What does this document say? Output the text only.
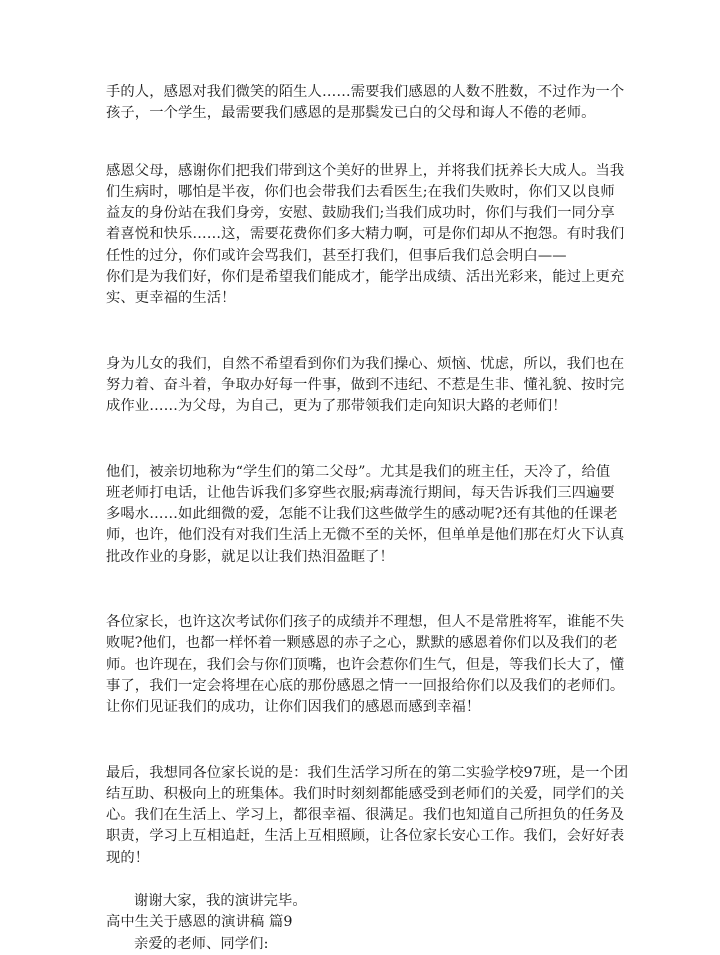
手的人，感恩对我们微笑的陌生人……需要我们感恩的人数不胜数，不过作为一个
孩子，一个学生，最需要我们感恩的是那鬓发已白的父母和诲人不倦的老师。

感恩父母，感谢你们把我们带到这个美好的世界上，并将我们抚养长大成人。当我
们生病时，哪怕是半夜，你们也会带我们去看医生;在我们失败时，你们又以良师
益友的身份站在我们身旁，安慰、鼓励我们;当我们成功时，你们与我们一同分享
着喜悦和快乐……这，需要花费你们多大精力啊，可是你们却从不抱怨。有时我们
任性的过分，你们或许会骂我们，甚至打我们，但事后我们总会明白——
你们是为我们好，你们是希望我们能成才，能学出成绩、活出光彩来，能过上更充
实、更幸福的生活！

身为儿女的我们，自然不希望看到你们为我们操心、烦恼、忧虑，所以，我们也在
努力着、奋斗着，争取办好每一件事，做到不违纪、不惹是生非、懂礼貌、按时完
成作业……为父母，为自己，更为了那带领我们走向知识大路的老师们！

他们，被亲切地称为“学生们的第二父母”。尤其是我们的班主任，天冷了，给值
班老师打电话，让他告诉我们多穿些衣服;病毒流行期间，每天告诉我们三四遍要
多喝水……如此细微的爱，怎能不让我们这些做学生的感动呢?还有其他的任课老
师，也许，他们没有对我们生活上无微不至的关怀，但单单是他们那在灯火下认真
批改作业的身影，就足以让我们热泪盈眶了！

各位家长，也许这次考试你们孩子的成绩并不理想，但人不是常胜将军，谁能不失
败呢?他们，也都一样怀着一颗感恩的赤子之心，默默的感恩着你们以及我们的老
师。也许现在，我们会与你们顶嘴，也许会惹你们生气，但是，等我们长大了，懂
事了，我们一定会将埋在心底的那份感恩之情一一回报给你们以及我们的老师们。
让你们见证我们的成功，让你们因我们的感恩而感到幸福！

最后，我想同各位家长说的是：我们生活学习所在的第二实验学校97班，是一个团
结互助、积极向上的班集体。我们时时刻刻都能感受到老师们的关爱，同学们的关
心。我们在生活上、学习上，都很幸福、很满足。我们也知道自己所担负的任务及
职责，学习上互相追赶，生活上互相照顾，让各位家长安心工作。我们，会好好表
现的！

谢谢大家，我的演讲完毕。
高中生关于感恩的演讲稿 篇9
亲爱的老师、同学们:
